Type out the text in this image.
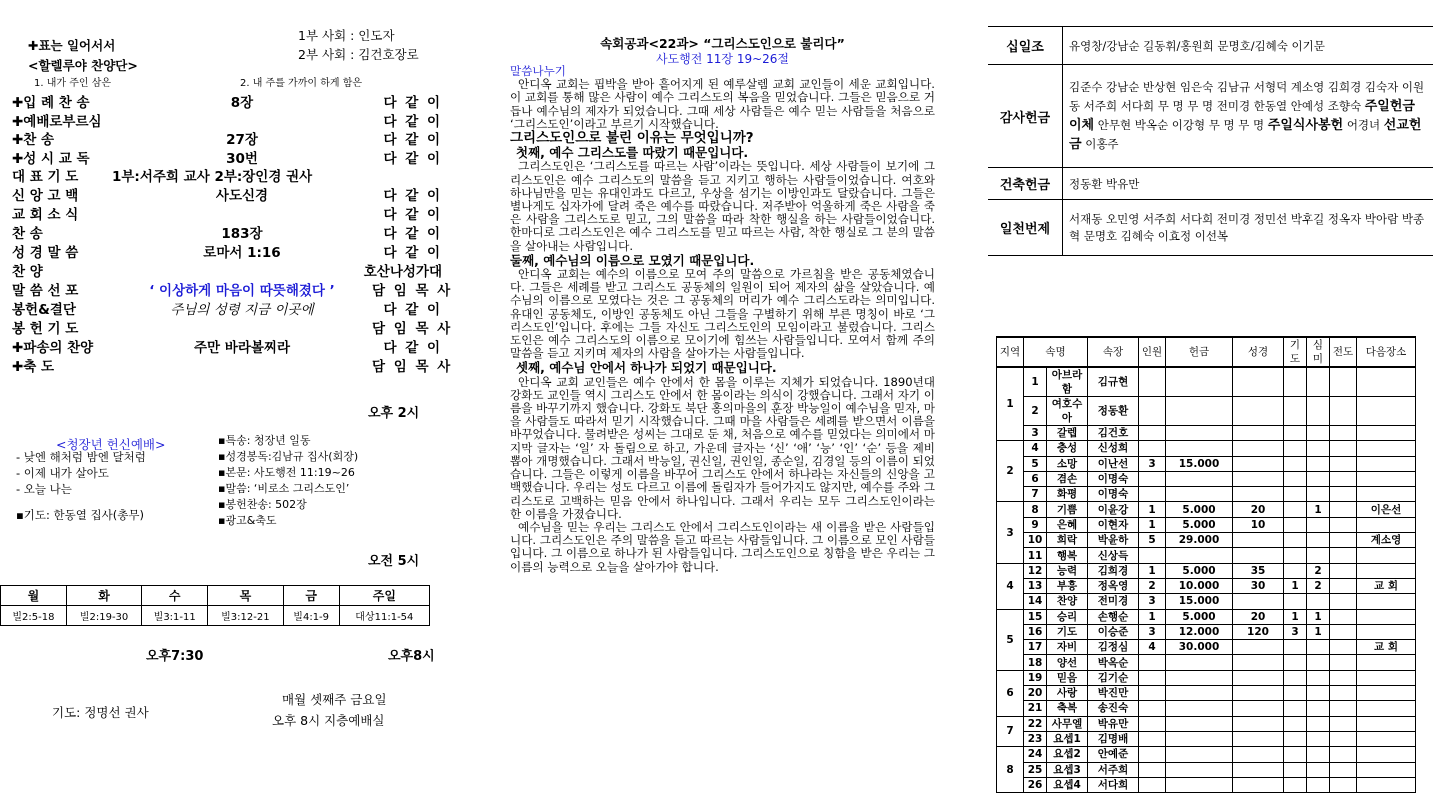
✚표는 일어서서
1부 사회 : 인도자
2부 사회 : 김건호장로
<할렐루야 찬양단>
1. 내가 주인 삼은	2. 내 주를 가까이 하게 함은
✚입 례 찬 송	8장	다 같 이
✚예배로부르심	다 같 이
✚찬 송	27장	다 같 이
✚성 시 교 독	30번	다 같 이
대 표 기 도 1부:서주희 교사 2부:장인경 권사
신 앙 고 백	사도신경	다 같 이
교 회 소 식	다 같 이
찬 송	183장	다 같 이
성 경 말 씀	로마서 1:16	다 같 이
찬 양	호산나성가대
말 씀 선 포	‘ 이상하게 마음이 따뜻해졌다 ’	담 임 목 사
봉헌&결단	주님의 성령 지금 이곳에	다 같 이
봉 헌 기 도	담 임 목 사
✚파송의 찬양	주만 바라볼찌라	다 같 이
✚축 도	담 임 목 사
오후 2시
<청장년 헌신예배>
- 낮엔 해처럼 밤엔 달처럼
- 이제 내가 살아도
- 오늘 나는
▪기도: 한동열 집사(총무)
▪특송: 청장년 일동
▪성경봉독:김남규 집사(회장)
▪본문: 사도행전 11:19~26
▪말씀: ‘비로소 그리스도인’
▪봉헌찬송: 502장
▪광고&축도
오전 5시
월	화	수	목	금	주일
빌2:5-18	빌2:19-30	빌3:1-11	빌3:12-21	빌4:1-9	대상11:1-54
오후7:30	오후8시
기도: 정명선 권사
매월 셋째주 금요일
오후 8시 지층예배실
속회공과<22과> “그리스도인으로 불리다”
사도행전 11장 19~26절
말씀나누기

안디옥 교회는 핍박을 받아 흩어지게 된 예루살렘 교회 교인들이 세운 교회입니다. 이 교회를 통해 많은 사람이 예수 그리스도의 복음을 믿었습니다. 그들은 믿음으로 거듭나 예수님의 제자가 되었습니다. 그때 세상 사람들은 예수 믿는 사람들을 처음으로 ‘그리스도인’이라고 부르기 시작했습니다.

그리스도인으로 불린 이유는 무엇입니까?

첫째, 예수 그리스도를 따랐기 때문입니다.

그리스도인은 ‘그리스도를 따르는 사람’이라는 뜻입니다. 세상 사람들이 보기에 그리스도인은 예수 그리스도의 말씀을 듣고 지키고 행하는 사람들이었습니다. 여호와 하나님만을 믿는 유대인과도 다르고, 우상을 섬기는 이방인과도 달랐습니다. 그들은 별나게도 십자가에 달려 죽은 예수를 따랐습니다. 저주받아 억울하게 죽은 사람을 죽은 사람을 그리스도로 믿고, 그의 말씀을 따라 착한 행실을 하는 사람들이었습니다. 한마디로 그리스도인은 예수 그리스도를 믿고 따르는 사람, 착한 행실로 그 분의 말씀을 살아내는 사람입니다.

둘째, 예수님의 이름으로 모였기 때문입니다.

안디옥 교회는 예수의 이름으로 모여 주의 말씀으로 가르침을 받은 공동체였습니다. 그들은 세례를 받고 그리스도 공동체의 일원이 되어 제자의 삶을 살았습니다. 예수님의 이름으로 모였다는 것은 그 공동체의 머리가 예수 그리스도라는 의미입니다. 유대인 공동체도, 이방인 공동체도 아닌 그들을 구별하기 위해 부른 명칭이 바로 ‘그리스도인’입니다. 후에는 그들 자신도 그리스도인의 모임이라고 불렀습니다. 그리스도인은 예수 그리스도의 이름으로 모이기에 힘쓰는 사람들입니다. 모여서 함께 주의 말씀을 듣고 지키며 제자의 사람을 살아가는 사람들입니다.

셋째, 예수님 안에서 하나가 되었기 때문입니다.

안디옥 교회 교인들은 예수 안에서 한 몸을 이루는 지체가 되었습니다. 1890년대 강화도 교인들 역시 그리스도 안에서 한 몸이라는 의식이 강했습니다. 그래서 자기 이름을 바꾸기까지 했습니다. 강화도 북단 홍의마을의 훈장 박능일이 예수님을 믿자, 마을 사람들도 따라서 믿기 시작했습니다. 그때 마을 사람들은 세례를 받으면서 이름을 바꾸었습니다. 물려받은 성씨는 그대로 둔 채, 처음으로 예수를 믿었다는 의미에서 마지막 글자는 ‘일’ 자 돌림으로 하고, 가운데 글자는 ‘신’ ‘애’ ‘능’ ‘인’ ‘순’ 등을 제비 뽑아 개명했습니다. 그래서 박능일, 권신일, 권인일, 종순일, 김경일 등의 이름이 되었습니다. 그들은 이렇게 이름을 바꾸어 그리스도 안에서 하나라는 자신들의 신앙을 고백했습니다. 우리는 성도 다르고 이름에 돌림자가 들어가지도 않지만, 예수를 주와 그리스도로 고백하는 믿음 안에서 하나입니다. 그래서 우리는 모두 그리스도인이라는 한 이름을 가졌습니다.

예수님을 믿는 우리는 그리스도 안에서 그리스도인이라는 새 이름을 받은 사람들입니다. 그리스도인은 주의 말씀을 듣고 따르는 사람들입니다. 그 이름으로 모인 사람들입니다. 그 이름으로 하나가 된 사람들입니다. 그리스도인으로 칭함을 받은 우리는 그 이름의 능력으로 오늘을 살아가야 합니다.

십일조	유영창/강남순 길동휘/홍원희 문명호/김혜숙 이기문
감사헌금	김준수 강남순 반상현 임은숙 김남규 서형덕 계소영 김희경 김숙자 이원동 서주희 서다희 무 명 무 명 전미경 한동열 안예성 조향숙 주일헌금이체 안무현 박옥순 이강형 무 명 무 명 주일식사봉헌 어경녀 선교헌금 이홍주
건축헌금	정동환 박유만
일천번제	서재동 오민영 서주희 서다희 전미경 정민선 박후길 정옥자 박아람 박종혁 문명호 김혜숙 이효정 이선복
지역	속명		속장	인원	헌금	성경	기도	심미	전도	다음장소
1	1	아브라함	김규현							
	2	여호수아	정동환							
	3	갈렙	김건호							
2	4	충성	신성희							
	5	소망	이난선	3	15.000					
	6	겸손	이명숙							
	7	화평	이명숙							
3	8	기쁨	이윤강	1	5.000	20		1		이은선
	9	은혜	이현자	1	5.000	10				
	10	희락	박윤하	5	29.000					계소영
	11	행복	신상득							
4	12	능력	김희경	1	5.000	35		2		
	13	부흥	정옥영	2	10.000	30	1	2		교 회
	14	찬양	전미경	3	15.000					
5	15	승리	손행순	1	5.000	20	1	1		
	16	기도	이승준	3	12.000	120	3	1		
	17	자비	김정심	4	30.000					교 회
	18	양선	박옥순							
6	19	믿음	김기순							
	20	사랑	박진만							
	21	축복	송진숙							
7	22	사무엘	박유만							
	23	요셉1	김명배							
8	24	요셉2	안예준							
	25	요셉3	서주희							
	26	요셉4	서다희							
